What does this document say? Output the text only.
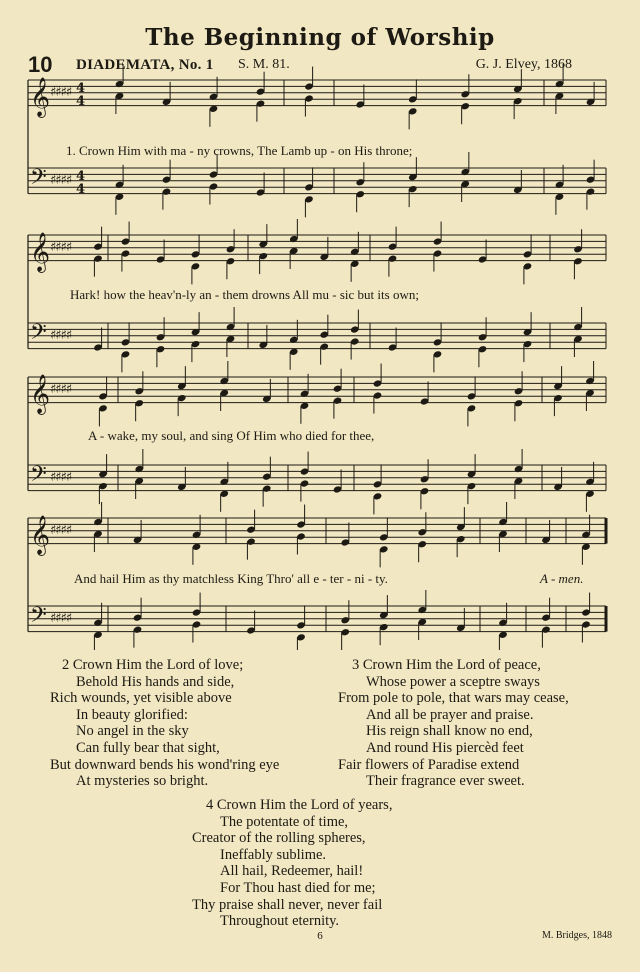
The Beginning of Worship
10 DIADEMATA, No. 1 S. M. 81.	G. J. Elvey, 1868
𝄞 ♯♯♯♯ 4
4
𝄢 ♯♯♯♯ 4
4
𝄞 ♯♯♯♯
𝄢 ♯♯♯♯
𝄞 ♯♯♯♯
𝄢 ♯♯♯♯
𝄞 ♯♯♯♯
𝄢 ♯♯♯♯
1. Crown Him with ma - ny crowns, The Lamb up - on His throne;
Hark! how the heav'n-ly an - them drowns All mu - sic but its own;
A - wake, my soul, and sing Of Him who died for thee,
And hail Him as thy matchless King Thro' all e - ter - ni - ty.	A - men.
2 Crown Him the Lord of love;
Behold His hands and side,
Rich wounds, yet visible above
In beauty glorified:
No angel in the sky
Can fully bear that sight,
But downward bends his wond'ring eye
At mysteries so bright.
3 Crown Him the Lord of peace,
Whose power a sceptre sways
From pole to pole, that wars may cease,
And all be prayer and praise.
His reign shall know no end,
And round His piercèd feet
Fair flowers of Paradise extend
Their fragrance ever sweet.
4 Crown Him the Lord of years,
The potentate of time,
Creator of the rolling spheres,
Ineffably sublime.
All hail, Redeemer, hail!
For Thou hast died for me;
Thy praise shall never, never fail
Throughout eternity.
6	M. Bridges, 1848
